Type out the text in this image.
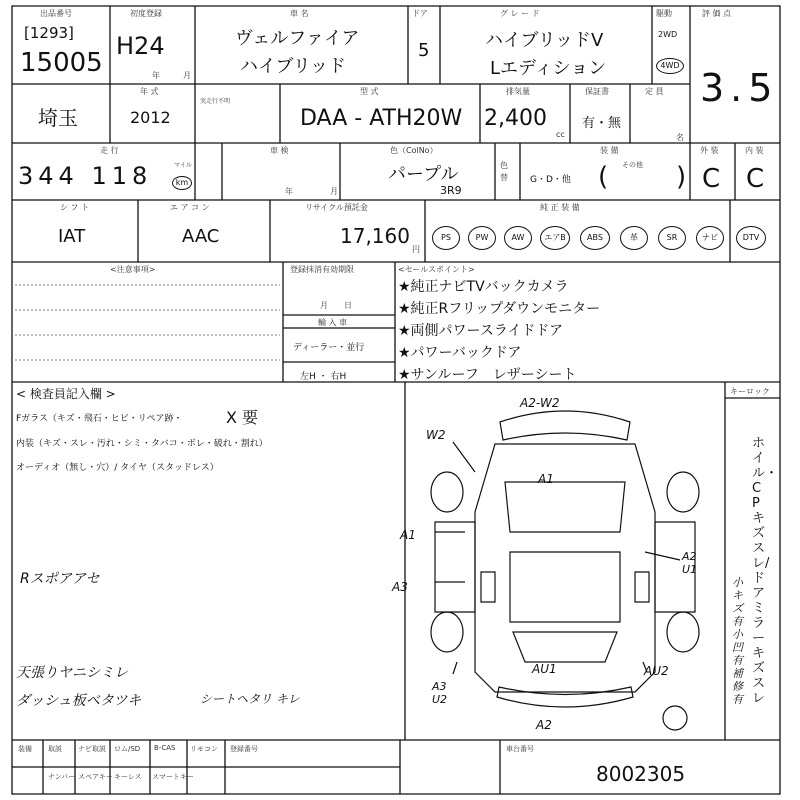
出品番号
[1293]
15005
初度登録
H24
年	月
車 名
ヴェルファイア
ハイブリッド
ドア
5
グ レ ー ド
ハイブリッドV
Lエディション
駆動
2WD
4WD
評 価 点
3.5
埼玉
年 式
2012
実走行不明
型 式
DAA - ATH20W
排気量
2,400
cc
保証書
有・無
定 員
名
走 行
344 118	マイル
km
車 検
年	月
色（ColNo）
パープル
3R9
色替
装 備
G・D・他
その他
(	)
外 装
C
内 装
C
シ フ ト
IAT
エ ア コ ン
AAC
リサイクル預託金
17,160
円
純 正 装 備
PS	PW	AW	エアB	ABS	革	SR	ナビ	DTV
<注意事項>	登録抹消有効期限
月　　日
輸 入 車
ディーラー・並行
左H ・ 右H
<セールスポイント>
★純正ナビTVバックカメラ
★純正Rフリップダウンモニター
★両側パワースライドドア
★パワーバックドア
★サンルーフ　レザーシート
< 検査員記入欄 >
Fガラス（キズ・飛石・ヒビ・リペア跡・	X 要
内装（キズ・スレ・汚れ・シミ・タバコ・ボレ・破れ・割れ）
オーディオ（無し・穴）/ タイヤ（スタッドレス）
Rスポアアセ
天張りヤニシミレ
ダッシュ板ベタツキ	シートヘタリ キレ
A2-W2
W2
A1
A1
A3
A2 U1
AU1	AU2
A3 U2
A2
キーロック
ホイル・CPキズスレ/ドアミラーキズスレ
小キズ有 小凹有 補修有
装備	取説 ナビ取説 ロム/SD B-CAS リモコン 登録番号
ナンバー スペアキー キーレス スマートキー
車台番号
8002305
